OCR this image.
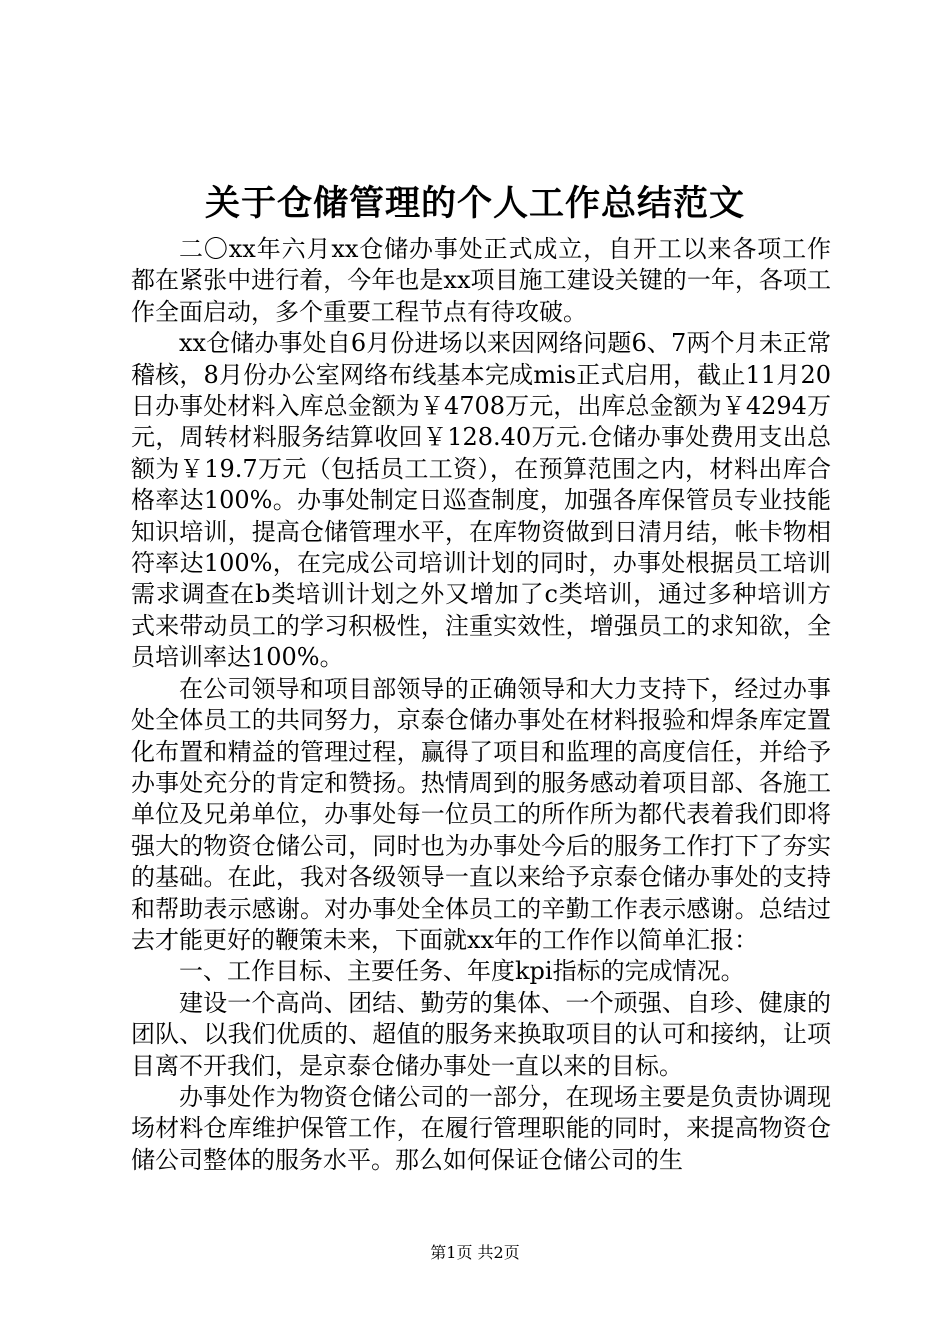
关于仓储管理的个人工作总结范文

二〇xx年六月xx仓储办事处正式成立，自开工以来各项工作都在紧张中进行着，今年也是xx项目施工建设关键的一年，各项工作全面启动，多个重要工程节点有待攻破。

xx仓储办事处自6月份进场以来因网络问题6、7两个月未正常稽核，8月份办公室网络布线基本完成mis正式启用，截止11月20日办事处材料入库总金额为￥4708万元，出库总金额为￥4294万元，周转材料服务结算收回￥128.40万元.仓储办事处费用支出总额为￥19.7万元（包括员工工资），在预算范围之内，材料出库合格率达100%。办事处制定日巡查制度，加强各库保管员专业技能知识培训，提高仓储管理水平，在库物资做到日清月结，帐卡物相符率达100%，在完成公司培训计划的同时，办事处根据员工培训需求调查在b类培训计划之外又增加了c类培训，通过多种培训方式来带动员工的学习积极性，注重实效性，增强员工的求知欲，全员培训率达100%。

在公司领导和项目部领导的正确领导和大力支持下，经过办事处全体员工的共同努力，京泰仓储办事处在材料报验和焊条库定置化布置和精益的管理过程，赢得了项目和监理的高度信任，并给予办事处充分的肯定和赞扬。热情周到的服务感动着项目部、各施工单位及兄弟单位，办事处每一位员工的所作所为都代表着我们即将强大的物资仓储公司，同时也为办事处今后的服务工作打下了夯实的基础。在此，我对各级领导一直以来给予京泰仓储办事处的支持和帮助表示感谢。对办事处全体员工的辛勤工作表示感谢。总结过去才能更好的鞭策未来，下面就xx年的工作作以简单汇报：

一、工作目标、主要任务、年度kpi指标的完成情况。

建设一个高尚、团结、勤劳的集体、一个顽强、自珍、健康的团队、以我们优质的、超值的服务来换取项目的认可和接纳，让项目离不开我们，是京泰仓储办事处一直以来的目标。

办事处作为物资仓储公司的一部分，在现场主要是负责协调现场材料仓库维护保管工作，在履行管理职能的同时，来提高物资仓储公司整体的服务水平。那么如何保证仓储公司的生

第1页 共2页
